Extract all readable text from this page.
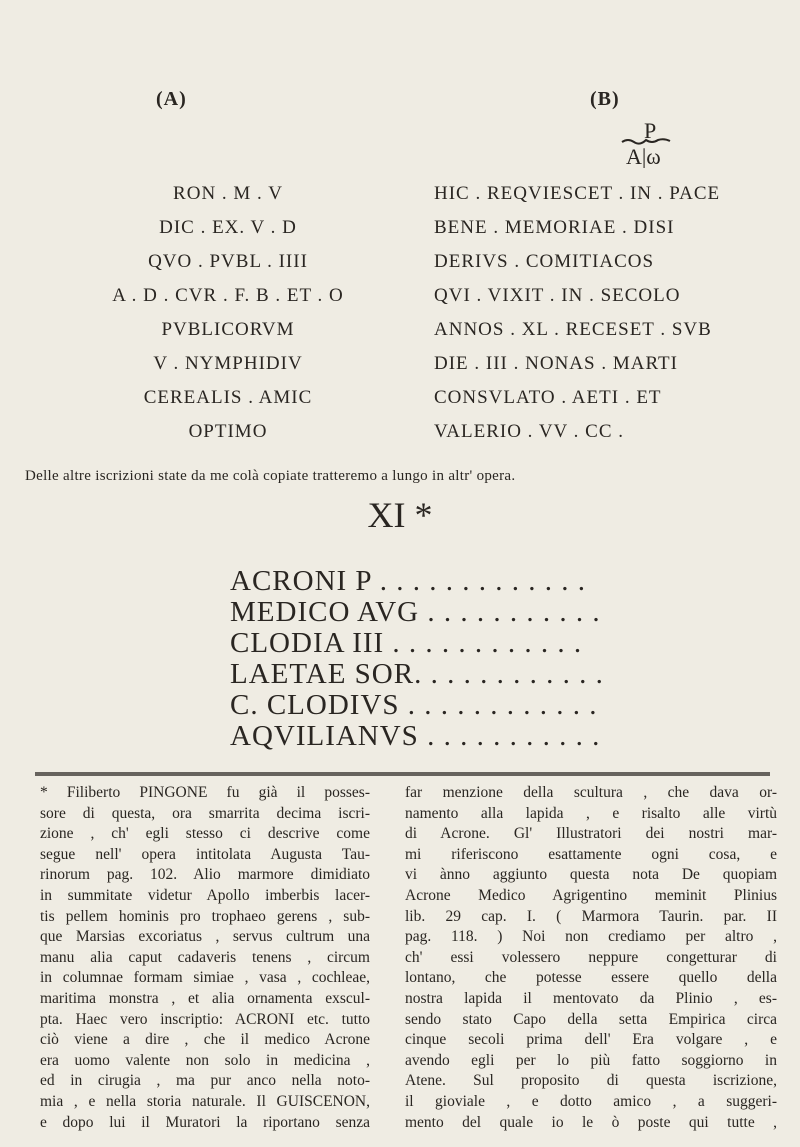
(A)	(B)
P
A|ω
RON . M . V
DIC . EX. V . D
QVO . PVBL . IIII
A . D . CVR . F. B . ET . O
PVBLICORVM
V . NYMPHIDIV
CEREALIS . AMIC
OPTIMO
HIC . REQVIESCET . IN . PACE
BENE . MEMORIAE . DISI
DERIVS . COMITIACOS
QVI . VIXIT . IN . SECOLO
ANNOS . XL . RECESET . SVB
DIE . III . NONAS . MARTI
CONSVLATO . AETI . ET
VALERIO . VV . CC .
Delle altre iscrizioni state da me colà copiate tratteremo a lungo in altr' opera.
XI *
ACRONI P . . . . . . . . . . . . .
MEDICO AVG . . . . . . . . . . .
CLODIA III . . . . . . . . . . . .
LAETAE SOR. . . . . . . . . . . .
C. CLODIVS . . . . . . . . . . . .
AQVILIANVS . . . . . . . . . . .
* Filiberto PINGONE fu già il posses-
sore di questa, ora smarrita decima iscri-
zione , ch' egli stesso ci descrive come
segue nell' opera intitolata Augusta Tau-
rinorum pag. 102. Alio marmore dimidiato
in summitate videtur Apollo imberbis lacer-
tis pellem hominis pro trophaeo gerens , sub-
que Marsias excoriatus , servus cultrum una
manu alia caput cadaveris tenens , circum
in columnae formam simiae , vasa , cochleae,
maritima monstra , et alia ornamenta exscul-
pta. Haec vero inscriptio: ACRONI etc. tutto
ciò viene a dire , che il medico Acrone
era uomo valente non solo in medicina ,
ed in cirugia , ma pur anco nella noto-
mia , e nella storia naturale. Il GUISCENON,
e dopo lui il Muratori la riportano senza
far menzione della scultura , che dava or-
namento alla lapida , e risalto alle virtù
di Acrone. Gl' Illustratori dei nostri mar-
mi riferiscono esattamente ogni cosa, e
vi ànno aggiunto questa nota De quopiam
Acrone Medico Agrigentino meminit Plinius
lib. 29 cap. I. ( Marmora Taurin. par. II
pag. 118. ) Noi non crediamo per altro ,
ch' essi volessero neppure congetturar di
lontano, che potesse essere quello della
nostra lapida il mentovato da Plinio , es-
sendo stato Capo della setta Empirica circa
cinque secoli prima dell' Era volgare , e
avendo egli per lo più fatto soggiorno in
Atene. Sul proposito di questa iscrizione,
il gioviale , e dotto amico , a suggeri-
mento del quale io le ò poste qui tutte ,
